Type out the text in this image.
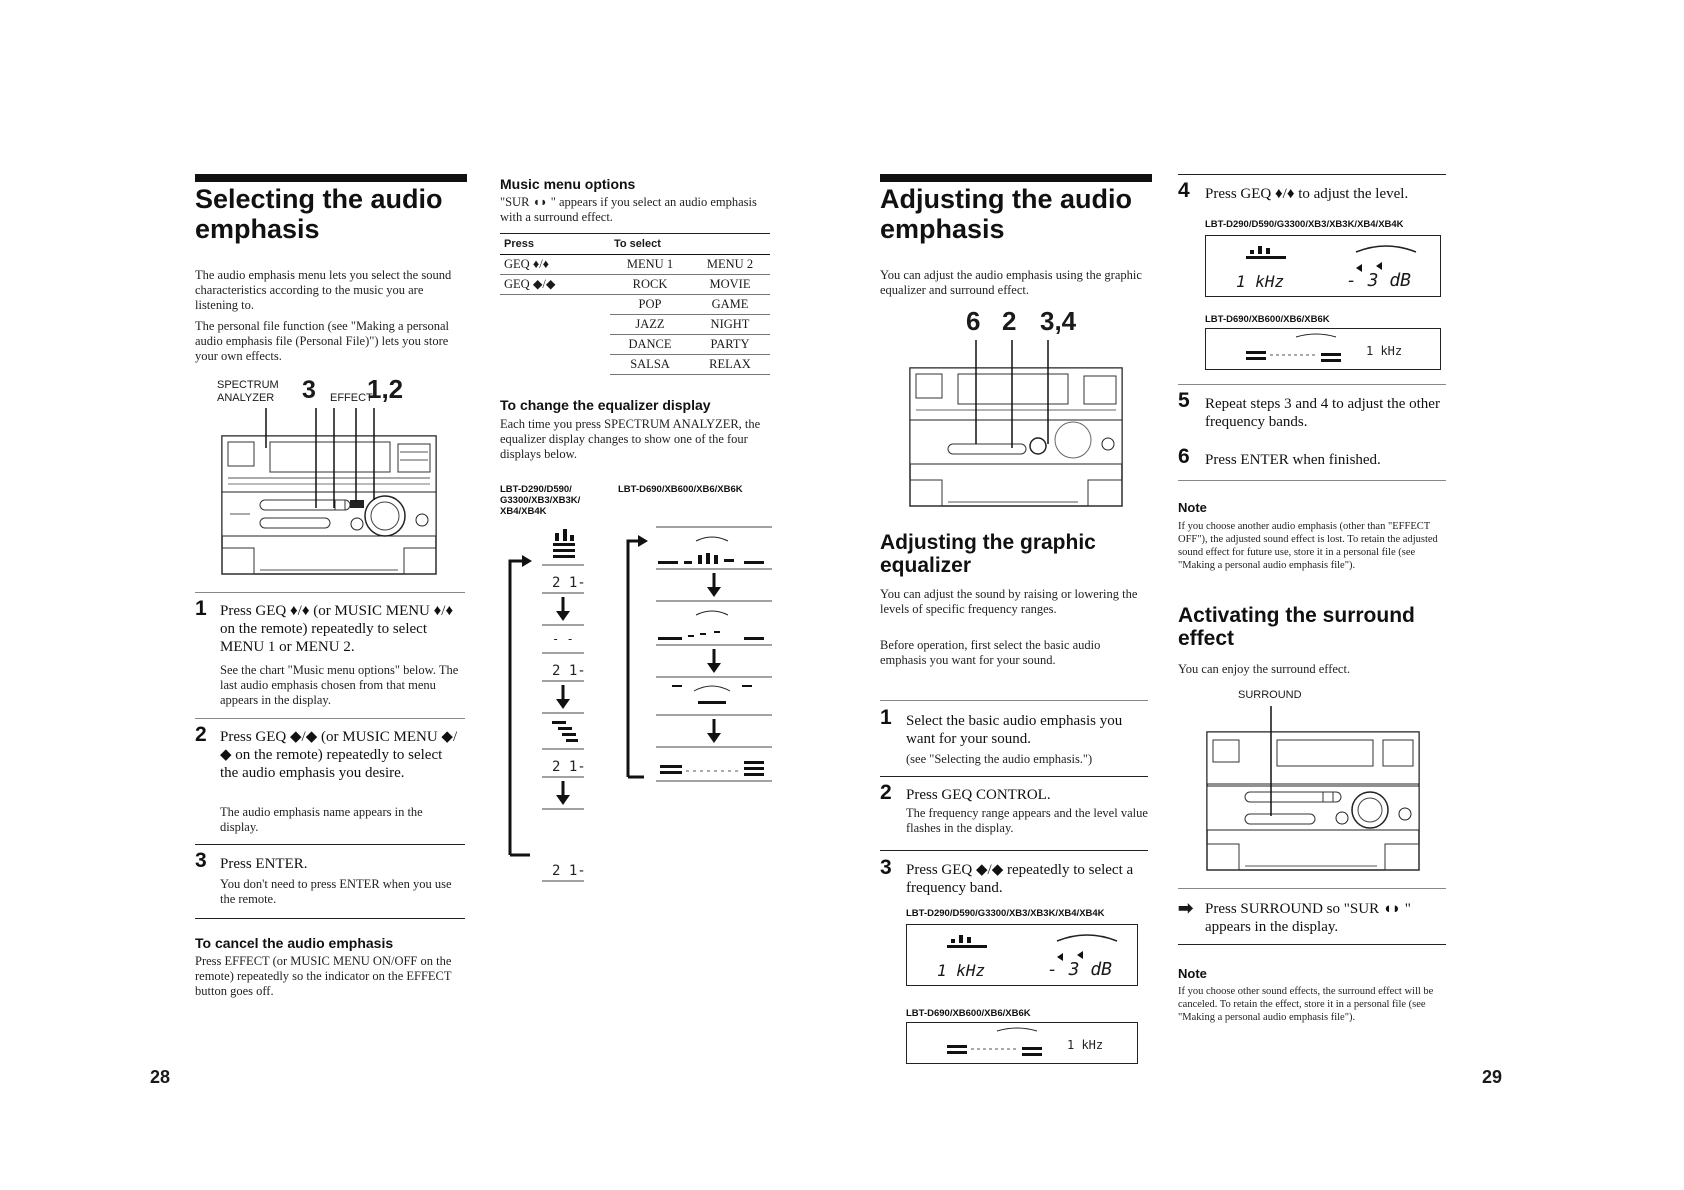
Selecting the audio emphasis
The audio emphasis menu lets you select the sound characteristics according to the music you are listening to.
The personal file function (see "Making a personal audio emphasis file (Personal File)") lets you store your own effects.
SPECTRUM
ANALYZER 3 EFFECT
1,2
1 Press GEQ ♦/♦ (or MUSIC MENU ♦/♦ on the remote) repeatedly to select MENU 1 or MENU 2.
See the chart "Music menu options" below. The last audio emphasis chosen from that menu appears in the display.
2 Press GEQ ◆/◆ (or MUSIC MENU ◆/◆ on the remote) repeatedly to select the audio emphasis you desire.
The audio emphasis name appears in the display.
3 Press ENTER.
You don't need to press ENTER when you use the remote.
To cancel the audio emphasis
Press EFFECT (or MUSIC MENU ON/OFF on the remote) repeatedly so the indicator on the EFFECT button goes off.
Music menu options
"SUR ◖◗ " appears if you select an audio emphasis with a surround effect.
Press	To select	
GEQ ♦/♦	MENU 1	MENU 2
GEQ ◆/◆	ROCK	MOVIE
	POP	GAME
	JAZZ	NIGHT
	DANCE	PARTY
	SALSA	RELAX
To change the equalizer display
Each time you press SPECTRUM ANALYZER, the equalizer display changes to show one of the four displays below.
LBT-D290/D590/ G3300/XB3/XB3K/ XB4/XB4K
LBT-D690/XB600/XB6/XB6K
2 1-
- -
2 1-
2 1-
2 1-
28
Adjusting the audio emphasis
You can adjust the audio emphasis using the graphic equalizer and surround effect.
6 2 3,4
Adjusting the graphic equalizer
You can adjust the sound by raising or lowering the levels of specific frequency ranges.
Before operation, first select the basic audio emphasis you want for your sound.
1 Select the basic audio emphasis you want for your sound.
(see "Selecting the audio emphasis.")
2 Press GEQ CONTROL.
The frequency range appears and the level value flashes in the display.
3 Press GEQ ◆/◆ repeatedly to select a frequency band.
LBT-D290/D590/G3300/XB3/XB3K/XB4/XB4K
1 kHz	- 3 dB
LBT-D690/XB600/XB6/XB6K
1 kHz
4 Press GEQ ♦/♦ to adjust the level.
LBT-D290/D590/G3300/XB3/XB3K/XB4/XB4K
1 kHz	- 3 dB
LBT-D690/XB600/XB6/XB6K
1 kHz
5 Repeat steps 3 and 4 to adjust the other frequency bands.
6 Press ENTER when finished.
Note
If you choose another audio emphasis (other than "EFFECT OFF"), the adjusted sound effect is lost. To retain the adjusted sound effect for future use, store it in a personal file (see "Making a personal audio emphasis file").
Activating the surround effect
You can enjoy the surround effect.
SURROUND
➡ Press SURROUND so "SUR ◖◗ " appears in the display.
Note
If you choose other sound effects, the surround effect will be canceled. To retain the effect, store it in a personal file (see "Making a personal audio emphasis file").
29
